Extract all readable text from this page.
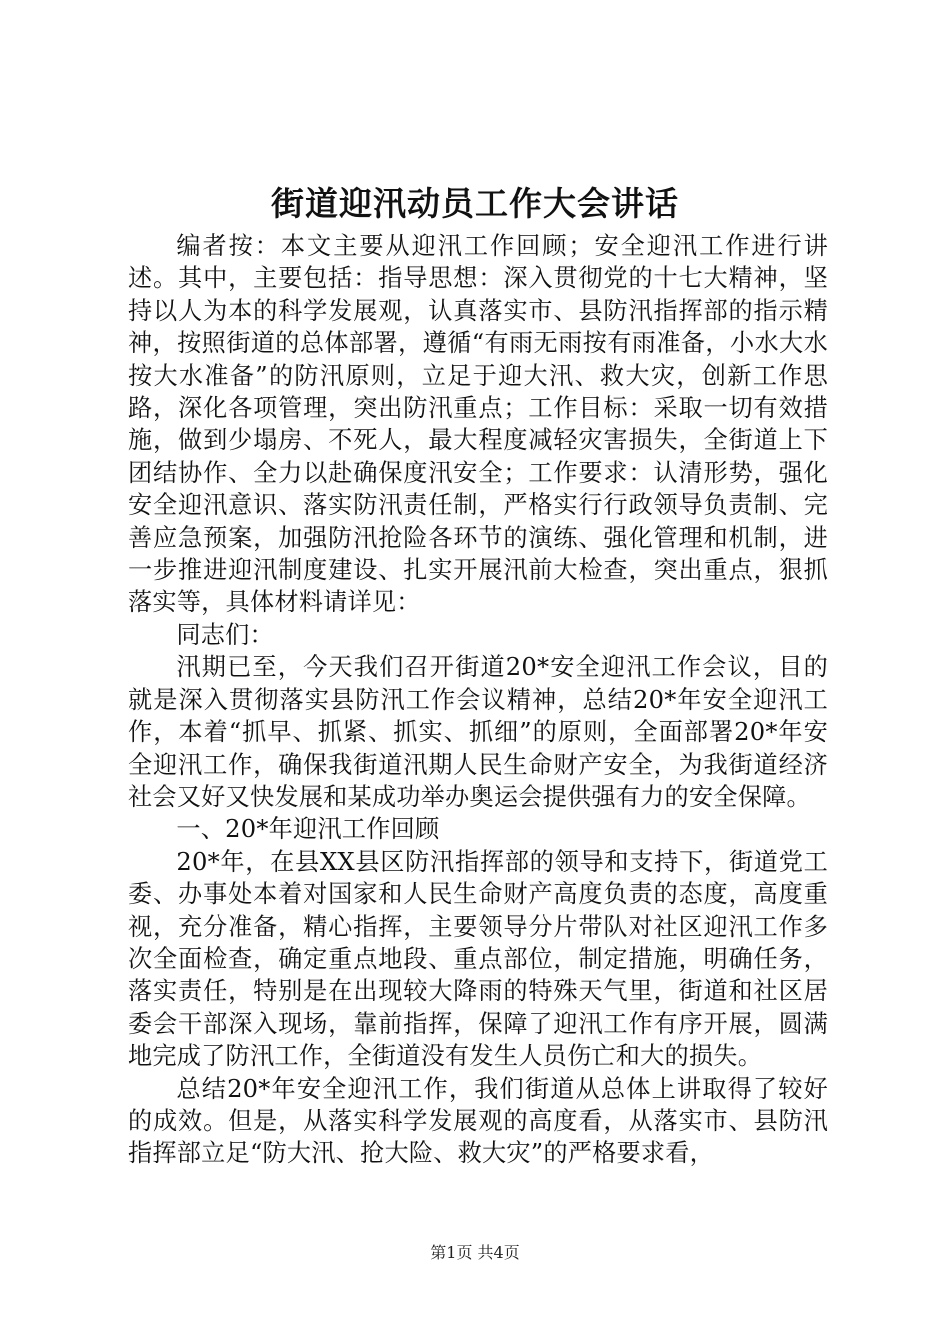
街道迎汛动员工作大会讲话

编者按：本文主要从迎汛工作回顾；安全迎汛工作进行讲述。其中，主要包括：指导思想：深入贯彻党的十七大精神，坚持以人为本的科学发展观，认真落实市、县防汛指挥部的指示精神，按照街道的总体部署，遵循“有雨无雨按有雨准备，小水大水按大水准备”的防汛原则，立足于迎大汛、救大灾，创新工作思路，深化各项管理，突出防汛重点；工作目标：采取一切有效措施，做到少塌房、不死人，最大程度减轻灾害损失，全街道上下团结协作、全力以赴确保度汛安全；工作要求：认清形势，强化安全迎汛意识、落实防汛责任制，严格实行行政领导负责制、完善应急预案，加强防汛抢险各环节的演练、强化管理和机制，进一步推进迎汛制度建设、扎实开展汛前大检查，突出重点，狠抓落实等，具体材料请详见：

同志们：

汛期已至，今天我们召开街道20*安全迎汛工作会议，目的就是深入贯彻落实县防汛工作会议精神，总结20*年安全迎汛工作，本着“抓早、抓紧、抓实、抓细”的原则，全面部署20*年安全迎汛工作，确保我街道汛期人民生命财产安全，为我街道经济社会又好又快发展和某成功举办奥运会提供强有力的安全保障。

一、20*年迎汛工作回顾

20*年，在县XX县区防汛指挥部的领导和支持下，街道党工委、办事处本着对国家和人民生命财产高度负责的态度，高度重视，充分准备，精心指挥，主要领导分片带队对社区迎汛工作多次全面检查，确定重点地段、重点部位，制定措施，明确任务，落实责任，特别是在出现较大降雨的特殊天气里，街道和社区居委会干部深入现场，靠前指挥，保障了迎汛工作有序开展，圆满地完成了防汛工作，全街道没有发生人员伤亡和大的损失。

总结20*年安全迎汛工作，我们街道从总体上讲取得了较好的成效。但是，从落实科学发展观的高度看，从落实市、县防汛指挥部立足“防大汛、抢大险、救大灾”的严格要求看，

第1页 共4页
